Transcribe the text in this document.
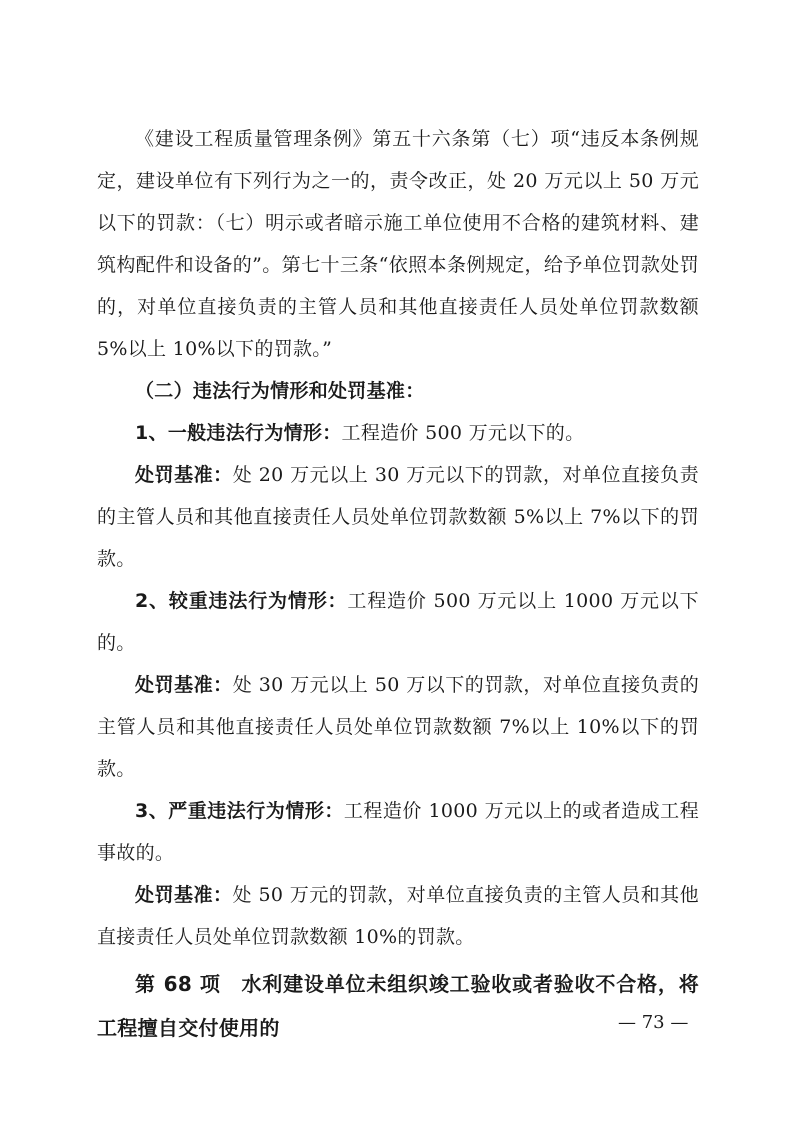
《建设工程质量管理条例》第五十六条第（七）项“违反本条例规定，建设单位有下列行为之一的，责令改正，处 20 万元以上 50 万元以下的罚款：（七）明示或者暗示施工单位使用不合格的建筑材料、建筑构配件和设备的”。第七十三条“依照本条例规定，给予单位罚款处罚的，对单位直接负责的主管人员和其他直接责任人员处单位罚款数额 5%以上 10%以下的罚款。”

（二）违法行为情形和处罚基准：

1、一般违法行为情形：工程造价 500 万元以下的。

处罚基准：处 20 万元以上 30 万元以下的罚款，对单位直接负责的主管人员和其他直接责任人员处单位罚款数额 5%以上 7%以下的罚款。

2、较重违法行为情形：工程造价 500 万元以上 1000 万元以下的。

处罚基准：处 30 万元以上 50 万以下的罚款，对单位直接负责的主管人员和其他直接责任人员处单位罚款数额 7%以上 10%以下的罚款。

3、严重违法行为情形：工程造价 1000 万元以上的或者造成工程事故的。

处罚基准：处 50 万元的罚款，对单位直接负责的主管人员和其他直接责任人员处单位罚款数额 10%的罚款。

第 68 项　水利建设单位未组织竣工验收或者验收不合格，将工程擅自交付使用的	— 73 —
